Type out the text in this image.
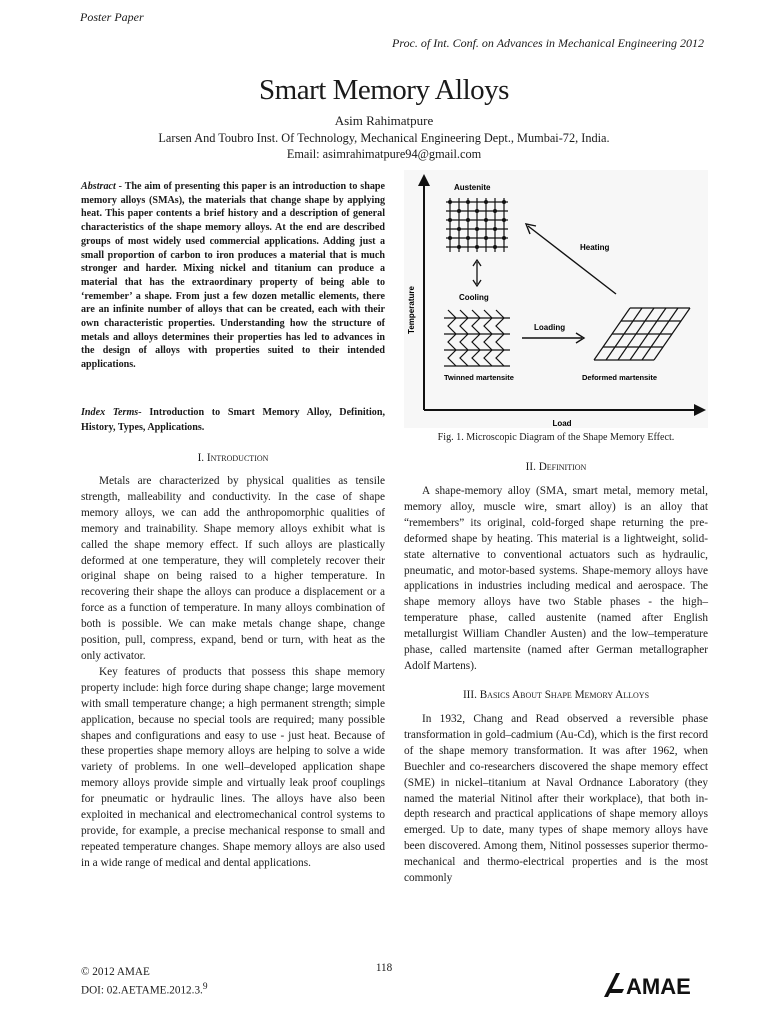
Poster Paper
Proc. of Int. Conf. on Advances in Mechanical Engineering 2012
Smart Memory Alloys
Asim Rahimatpure
Larsen And Toubro Inst. Of Technology, Mechanical Engineering Dept., Mumbai-72, India.
Email: asimrahimatpure94@gmail.com
Abstract - The aim of presenting this paper is an introduction to shape memory alloys (SMAs), the materials that change shape by applying heat. This paper contents a brief history and a description of general characteristics of the shape memory alloys. At the end are described groups of most widely used commercial applications. Adding just a small proportion of carbon to iron produces a material that is much stronger and harder. Mixing nickel and titanium can produce a material that has the extraordinary property of being able to ‘remember’ a shape. From just a few dozen metallic elements, there are an infinite number of alloys that can be created, each with their own characteristic properties. Understanding how the structure of metals and alloys determines their properties has led to advances in the design of alloys with properties suited to their intended applications.
Index Terms- Introduction to Smart Memory Alloy, Definition, History, Types, Applications.
I. Introduction

Metals are characterized by physical qualities as tensile strength, malleability and conductivity. In the case of shape memory alloys, we can add the anthropomorphic qualities of memory and trainability. Shape memory alloys exhibit what is called the shape memory effect. If such alloys are plastically deformed at one temperature, they will completely recover their original shape on being raised to a higher temperature. In recovering their shape the alloys can produce a displacement or a force as a function of temperature. In many alloys combination of both is possible. We can make metals change shape, change position, pull, compress, expand, bend or turn, with heat as the only activator.

Key features of products that possess this shape memory property include: high force during shape change; large movement with small temperature change; a high permanent strength; simple application, because no special tools are required; many possible shapes and configurations and easy to use - just heat. Because of these properties shape memory alloys are helping to solve a wide variety of problems. In one well–developed application shape memory alloys provide simple and virtually leak proof couplings for pneumatic or hydraulic lines. The alloys have also been exploited in mechanical and electromechanical control systems to provide, for example, a precise mechanical response to small and repeated temperature changes. Shape memory alloys are also used in a wide range of medical and dental applications.

Temperature
Load
Austenite
Cooling
Twinned martensite
Loading
Deformed martensite
Heating
Fig. 1. Microscopic Diagram of the Shape Memory Effect.
II. Definition

A shape-memory alloy (SMA, smart metal, memory metal, memory alloy, muscle wire, smart alloy) is an alloy that “remembers” its original, cold-forged shape returning the pre-deformed shape by heating. This material is a lightweight, solid-state alternative to conventional actuators such as hydraulic, pneumatic, and motor-based systems. Shape-memory alloys have applications in industries including medical and aerospace. The shape memory alloys have two Stable phases - the high–temperature phase, called austenite (named after English metallurgist William Chandler Austen) and the low–temperature phase, called martensite (named after German metallographer Adolf Martens).

III. Basics About Shape Memory Alloys

In 1932, Chang and Read observed a reversible phase transformation in gold–cadmium (Au-Cd), which is the first record of the shape memory transformation. It was after 1962, when Buechler and co-researchers discovered the shape memory effect (SME) in nickel–titanium at Naval Ordnance Laboratory (they named the material Nitinol after their workplace), that both in-depth research and practical applications of shape memory alloys emerged. Up to date, many types of shape memory alloys have been discovered. Among them, Nitinol possesses superior thermo-mechanical and thermo-electrical properties and is the most commonly

© 2012 AMAE
DOI: 02.AETAME.2012.3.$^9$
118
AMAE
